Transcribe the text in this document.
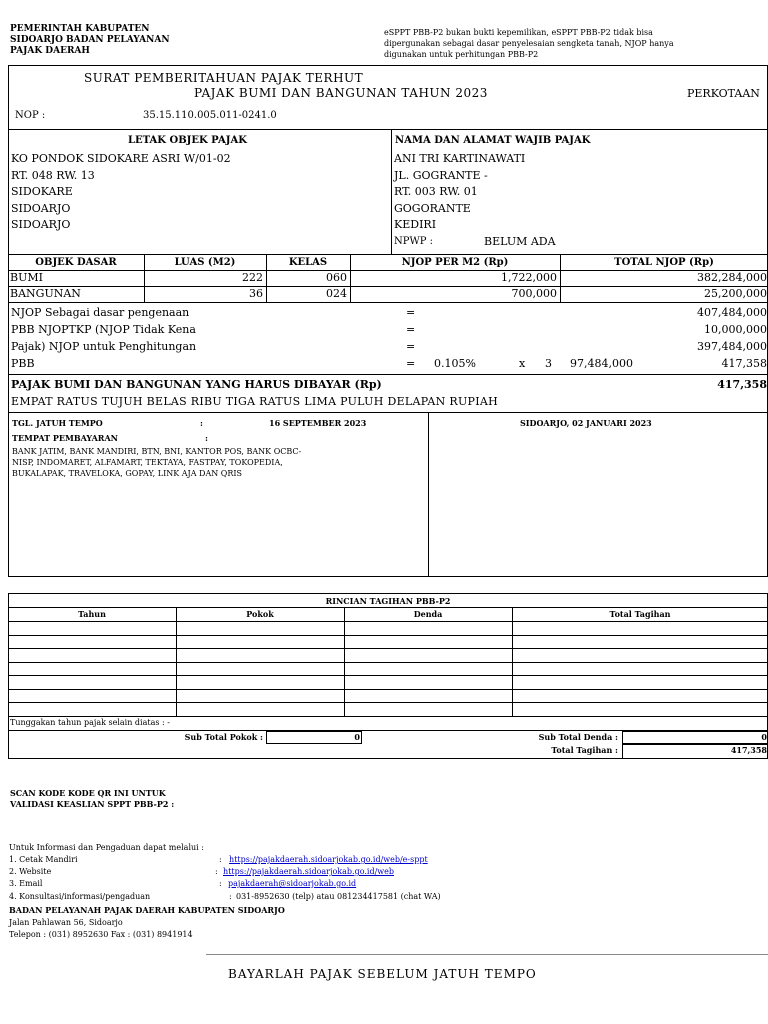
PEMERINTAH KABUPATEN
SIDOARJO BADAN PELAYANAN
PAJAK DAERAH
eSPPT PBB-P2 bukan bukti kepemilikan, eSPPT PBB-P2 tidak bisa
dipergunakan sebagai dasar penyelesaian sengketa tanah, NJOP hanya
digunakan untuk perhitungan PBB-P2
SURAT PEMBERITAHUAN PAJAK TERHUT
PAJAK BUMI DAN BANGUNAN TAHUN 2023	PERKOTAAN
NOP :	35.15.110.005.011-0241.0
LETAK OBJEK PAJAK
KO PONDOK SIDOKARE ASRI W/01-02
RT. 048 RW. 13
SIDOKARE
SIDOARJO
SIDOARJO
NAMA DAN ALAMAT WAJIB PAJAK
ANI TRI KARTINAWATI
JL. GOGRANTE -
RT. 003 RW. 01
GOGORANTE
KEDIRI
NPWP :	BELUM ADA
OBJEK DASAR	LUAS (M2)	KELAS	NJOP PER M2 (Rp)	TOTAL NJOP (Rp)
BUMI	222	060	1,722,000	382,284,000
BANGUNAN	36	024	700,000	25,200,000
NJOP Sebagai dasar pengenaan	=	407,484,000
PBB NJOPTKP (NJOP Tidak Kena	=	10,000,000
Pajak) NJOP untuk Penghitungan	=	397,484,000
PBB	= 0.105%	x 3 97,484,000	417,358
PAJAK BUMI DAN BANGUNAN YANG HARUS DIBAYAR (Rp)	417,358
EMPAT RATUS TUJUH BELAS RIBU TIGA RATUS LIMA PULUH DELAPAN RUPIAH
TGL. JATUH TEMPO	:	16 SEPTEMBER 2023
TEMPAT PEMBAYARAN	:
BANK JATIM, BANK MANDIRI, BTN, BNI, KANTOR POS, BANK OCBC-
NISP, INDOMARET, ALFAMART, TEKTAYA, FASTPAY, TOKOPEDIA,
BUKALAPAK, TRAVELOKA, GOPAY, LINK AJA DAN QRIS
SIDOARJO, 02 JANUARI 2023
RINCIAN TAGIHAN PBB-P2
Tahun	Pokok	Denda	Total Tagihan
Tunggakan tahun pajak selain diatas : -
Sub Total Pokok :	0	Sub Total Denda :	0
Total Tagihan :	417,358
SCAN KODE KODE QR INI UNTUK
VALIDASI KEASLIAN SPPT PBB-P2 :
Untuk Informasi dan Pengaduan dapat melalui :
1. Cetak Mandiri	: https://pajakdaerah.sidoarjokab.go.id/web/e-sppt
2. Website	: https://pajakdaerah.sidoarjokab.go.id/web
3. Email	: pajakdaerah@sidoarjokab.go.id
4. Konsultasi/informasi/pengaduan	: 031-8952630 (telp) atau 081234417581 (chat WA)
BADAN PELAYANAH PAJAK DAERAH KABUPATEN SIDOARJO
Jalan Pahlawan 56, Sidoarjo
Telepon : (031) 8952630 Fax : (031) 8941914
BAYARLAH PAJAK SEBELUM JATUH TEMPO
